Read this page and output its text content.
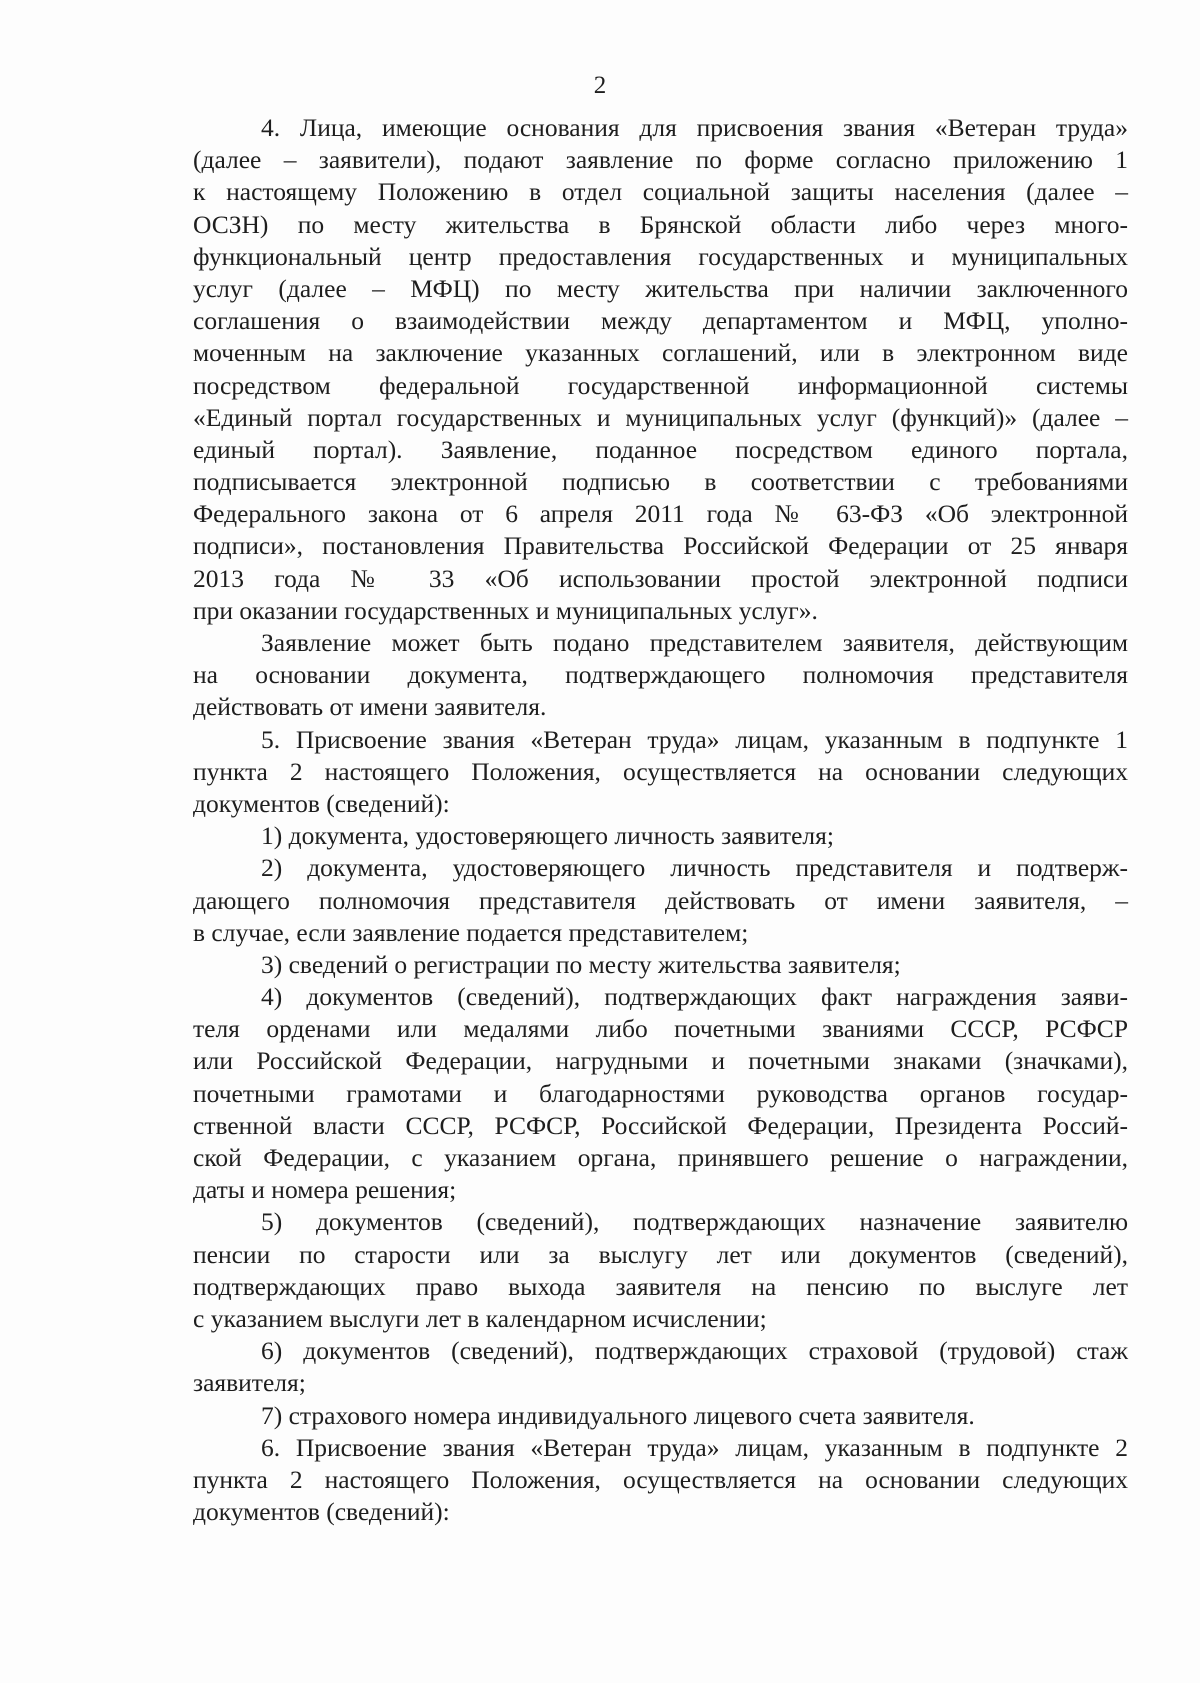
2
4. Лица, имеющие основания для присвоения звания «Ветеран труда»
(далее – заявители), подают заявление по форме согласно приложению 1
к настоящему Положению в отдел социальной защиты населения (далее –
ОСЗН) по месту жительства в Брянской области либо через много-
функциональный центр предоставления государственных и муниципальных
услуг (далее – МФЦ) по месту жительства при наличии заключенного
соглашения о взаимодействии между департаментом и МФЦ, уполно-
моченным на заключение указанных соглашений, или в электронном виде
посредством федеральной государственной информационной системы
«Единый портал государственных и муниципальных услуг (функций)» (далее –
единый портал). Заявление, поданное посредством единого портала,
подписывается электронной подписью в соответствии с требованиями
Федерального закона от 6 апреля 2011 года № 63-ФЗ «Об электронной
подписи», постановления Правительства Российской Федерации от 25 января
2013 года № 33 «Об использовании простой электронной подписи
при оказании государственных и муниципальных услуг».
Заявление может быть подано представителем заявителя, действующим
на основании документа, подтверждающего полномочия представителя
действовать от имени заявителя.
5. Присвоение звания «Ветеран труда» лицам, указанным в подпункте 1
пункта 2 настоящего Положения, осуществляется на основании следующих
документов (сведений):
1) документа, удостоверяющего личность заявителя;
2) документа, удостоверяющего личность представителя и подтверж-
дающего полномочия представителя действовать от имени заявителя, –
в случае, если заявление подается представителем;
3) сведений о регистрации по месту жительства заявителя;
4) документов (сведений), подтверждающих факт награждения заяви-
теля орденами или медалями либо почетными званиями СССР, РСФСР
или Российской Федерации, нагрудными и почетными знаками (значками),
почетными грамотами и благодарностями руководства органов государ-
ственной власти СССР, РСФСР, Российской Федерации, Президента Россий-
ской Федерации, с указанием органа, принявшего решение о награждении,
даты и номера решения;
5) документов (сведений), подтверждающих назначение заявителю
пенсии по старости или за выслугу лет или документов (сведений),
подтверждающих право выхода заявителя на пенсию по выслуге лет
с указанием выслуги лет в календарном исчислении;
6) документов (сведений), подтверждающих страховой (трудовой) стаж
заявителя;
7) страхового номера индивидуального лицевого счета заявителя.
6. Присвоение звания «Ветеран труда» лицам, указанным в подпункте 2
пункта 2 настоящего Положения, осуществляется на основании следующих
документов (сведений):
